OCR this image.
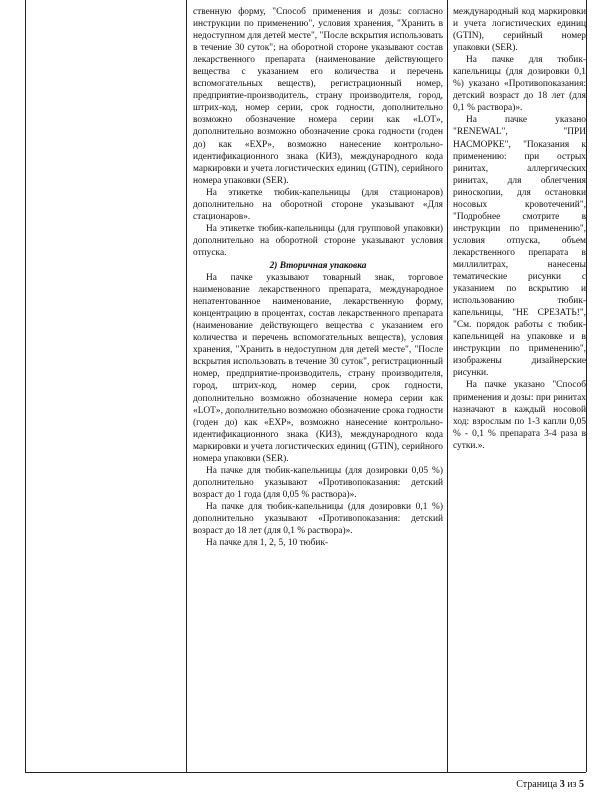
ственную форму, "Способ применения и дозы: согласно инструкции по применению", условия хранения, "Хранить в недоступном для детей месте", "После вскрытия использовать в течение 30 суток"; на оборотной стороне указывают состав лекарственного препарата (наименование действующего вещества с указанием его количества и перечень вспомогательных веществ), регистрационный номер, предприятие-производитель, страну производителя, город, штрих-код, номер серии, срок годности, дополнительно возможно обозначение номера серии как «LOT», дополнительно возможно обозначение срока годности (годен до) как «EXP», возможно нанесение контрольно-идентификационного знака (КИЗ), международного кода маркировки и учета логистических единиц (GTIN), серийного номера упаковки (SER).

На этикетке тюбик-капельницы (для стационаров) дополнительно на оборотной стороне указывают «Для стационаров».

На этикетке тюбик-капельницы (для групповой упаковки) дополнительно на оборотной стороне указывают условия отпуска.

2) Вторичная упаковка

На пачке указывают товарный знак, торговое наименование лекарственного препарата, международное непатентованное наименование, лекарственную форму, концентрацию в процентах, состав лекарственного препарата (наименование действующего вещества с указанием его количества и перечень вспомогательных веществ), условия хранения, "Хранить в недоступном для детей месте", "После вскрытия использовать в течение 30 суток", регистрационный номер, предприятие-производитель, страну производителя, город, штрих-код, номер серии, срок годности, дополнительно возможно обозначение номера серии как «LOT», дополнительно возможно обозначение срока годности (годен до) как «EXP», возможно нанесение контрольно-идентификационного знака (КИЗ), международного кода маркировки и учета логистических единиц (GTIN), серийного номера упаковки (SER).

На пачке для тюбик-капельницы (для дозировки 0,05 %) дополнительно указывают «Противопоказания: детский возраст до 1 года (для 0,05 % раствора)».

На пачке для тюбик-капельницы (для дозировки 0,1 %) дополнительно указывают «Противопоказания: детский возраст до 18 лет (для 0,1 % раствора)».

На пачке для 1, 2, 5, 10 тюбик-

международный код маркировки и учета логистических единиц (GTIN), серийный номер упаковки (SER).

На пачке для тюбик-капельницы (для дозировки 0,1 %) указано «Противопоказания: детский возраст до 18 лет (для 0,1 % раствора)».

На пачке указано "RENEWAL", "ПРИ НАСМОРКЕ", "Показания к применению: при острых ринитах, аллергических ринитах, для облегчения риноскопии, для остановки носовых кровотечений", "Подробнее смотрите в инструкции по применению", условия отпуска, объем лекарственного препарата в миллилитрах, нанесены тематические рисунки с указанием по вскрытию и использованию тюбик-капельницы, "НЕ СРЕЗАТЬ!", "См. порядок работы с тюбик-капельницей на упаковке и в инструкции по применению", изображены дизайнерские рисунки.

На пачке указано "Способ применения и дозы: при ринитах назначают в каждый носовой ход: взрослым по 1-3 капли 0,05 % - 0,1 % препарата 3-4 раза в сутки.».

Страница 3 из 5
